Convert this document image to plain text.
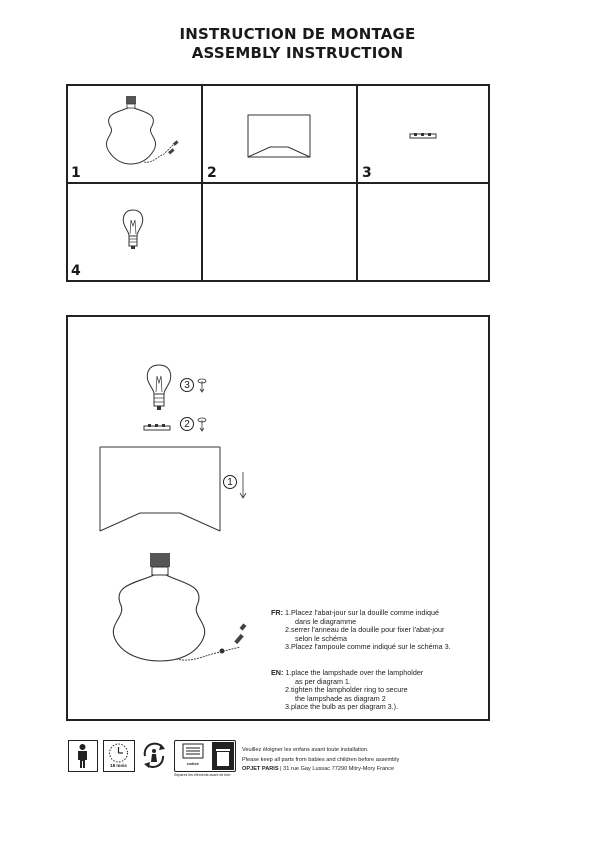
INSTRUCTION DE MONTAGE
ASSEMBLY INSTRUCTION
1	2	3
4
3
2
1
FR: 1.Placez l'abat-jour sur la douille comme indiqué
dans le diagramme
2.serrer l'anneau de la douille pour fixer l'abat-jour
selon le schéma
3.Placez l'ampoule comme indiqué sur le schéma 3.
EN: 1.place the lampshade over the lampholder
as per diagram 1.
2.tighten the lampholder ring to secure
the lampshade as diagram 2
3.place the bulb as per diagram 3.).
18 mois	notice
Séparez les éléments avant de trier
Veuillez éloigner les enfans avant toute installation.
Please keep all parts from babies and children before assembly
OPJET PARIS | 31 rue Gay Lussac 77290 Mitry-Mory France
